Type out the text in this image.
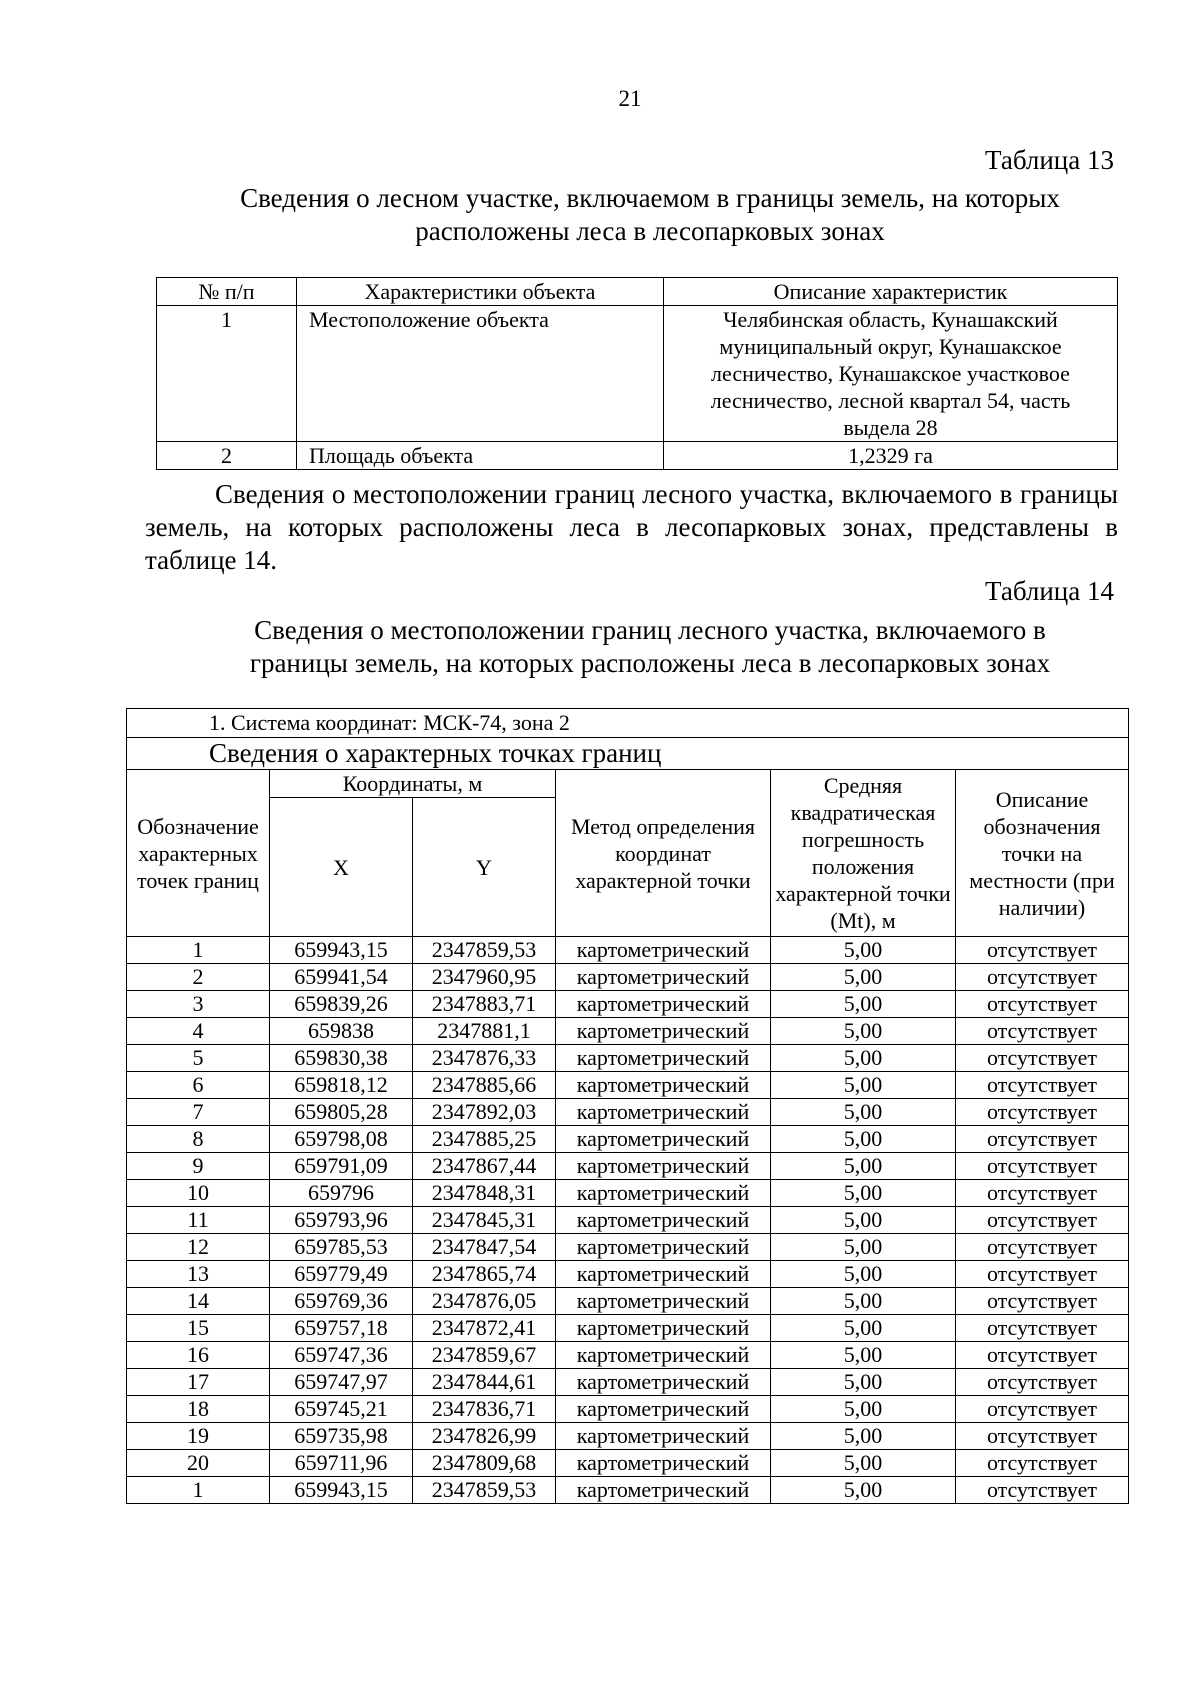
21
Таблица 13
Сведения о лесном участке, включаемом в границы земель, на которых
расположены леса в лесопарковых зонах
№ п/п	Характеристики объекта	Описание характеристик
1	Местоположение объекта	Челябинская область, Кунашакский муниципальный округ, Кунашакское лесничество, Кунашакское участковое лесничество, лесной квартал 54, часть выдела 28
2	Площадь объекта	1,2329 га
Сведения о местоположении границ лесного участка, включаемого в границы земель, на которых расположены леса в лесопарковых зонах, представлены в таблице 14.
Таблица 14
Сведения о местоположении границ лесного участка, включаемого в
границы земель, на которых расположены леса в лесопарковых зонах
1. Система координат: МСК-74, зона 2					
Сведения о характерных точках границ					
Обозначение характерных точек границ	Координаты, м		Метод определения координат характерной точки	Средняя квадратическая погрешность положения характерной точки (Mt), м	Описание обозначения точки на местности (при наличии)
	X	Y			
1	659943,15	2347859,53	картометрический	5,00	отсутствует
2	659941,54	2347960,95	картометрический	5,00	отсутствует
3	659839,26	2347883,71	картометрический	5,00	отсутствует
4	659838	2347881,1	картометрический	5,00	отсутствует
5	659830,38	2347876,33	картометрический	5,00	отсутствует
6	659818,12	2347885,66	картометрический	5,00	отсутствует
7	659805,28	2347892,03	картометрический	5,00	отсутствует
8	659798,08	2347885,25	картометрический	5,00	отсутствует
9	659791,09	2347867,44	картометрический	5,00	отсутствует
10	659796	2347848,31	картометрический	5,00	отсутствует
11	659793,96	2347845,31	картометрический	5,00	отсутствует
12	659785,53	2347847,54	картометрический	5,00	отсутствует
13	659779,49	2347865,74	картометрический	5,00	отсутствует
14	659769,36	2347876,05	картометрический	5,00	отсутствует
15	659757,18	2347872,41	картометрический	5,00	отсутствует
16	659747,36	2347859,67	картометрический	5,00	отсутствует
17	659747,97	2347844,61	картометрический	5,00	отсутствует
18	659745,21	2347836,71	картометрический	5,00	отсутствует
19	659735,98	2347826,99	картометрический	5,00	отсутствует
20	659711,96	2347809,68	картометрический	5,00	отсутствует
1	659943,15	2347859,53	картометрический	5,00	отсутствует
